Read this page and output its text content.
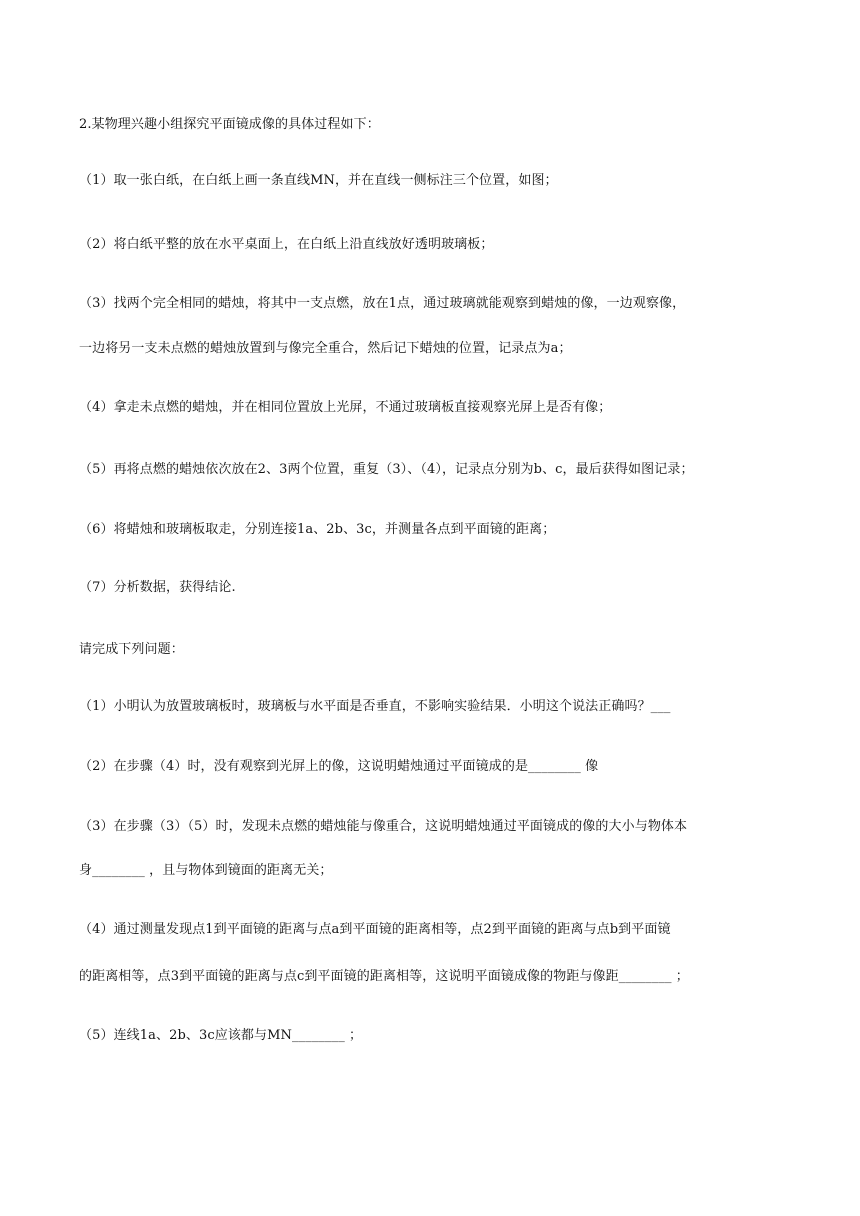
2.某物理兴趣小组探究平面镜成像的具体过程如下：
（1）取一张白纸，在白纸上画一条直线MN，并在直线一侧标注三个位置，如图；
（2）将白纸平整的放在水平桌面上，在白纸上沿直线放好透明玻璃板；
（3）找两个完全相同的蜡烛，将其中一支点燃，放在1点，通过玻璃就能观察到蜡烛的像，一边观察像，
一边将另一支未点燃的蜡烛放置到与像完全重合，然后记下蜡烛的位置，记录点为a；
（4）拿走未点燃的蜡烛，并在相同位置放上光屏，不通过玻璃板直接观察光屏上是否有像；
（5）再将点燃的蜡烛依次放在2、3两个位置，重复（3）、（4），记录点分别为b、c，最后获得如图记录；
（6）将蜡烛和玻璃板取走，分别连接1a、2b、3c，并测量各点到平面镜的距离；
（7）分析数据，获得结论.
请完成下列问题：
（1）小明认为放置玻璃板时，玻璃板与水平面是否垂直，不影响实验结果．小明这个说法正确吗？___
（2）在步骤（4）时，没有观察到光屏上的像，这说明蜡烛通过平面镜成的是________ 像
（3）在步骤（3）（5）时，发现未点燃的蜡烛能与像重合，这说明蜡烛通过平面镜成的像的大小与物体本
身________ ，且与物体到镜面的距离无关；
（4）通过测量发现点1到平面镜的距离与点a到平面镜的距离相等，点2到平面镜的距离与点b到平面镜
的距离相等，点3到平面镜的距离与点c到平面镜的距离相等，这说明平面镜成像的物距与像距________ ；
（5）连线1a、2b、3c应该都与MN________ ；
